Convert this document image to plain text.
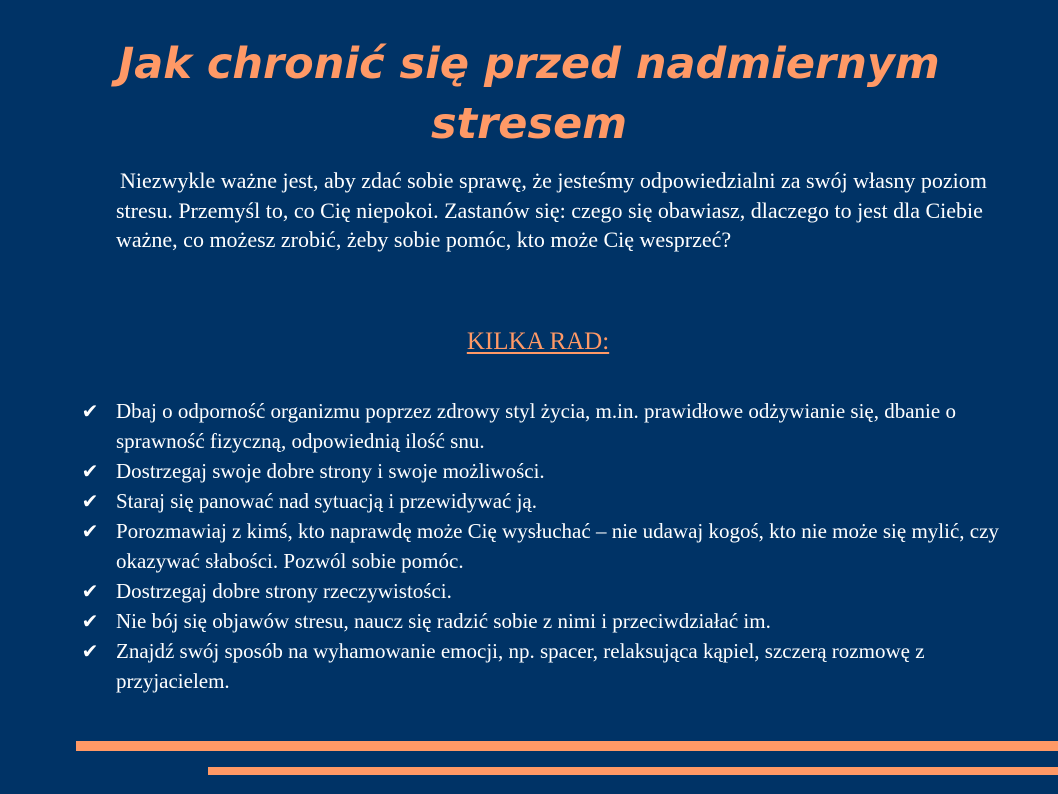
Jak chronić się przed nadmiernym stresem

Niezwykle ważne jest, aby zdać sobie sprawę, że jesteśmy odpowiedzialni za swój własny poziom stresu. Przemyśl to, co Cię niepokoi. Zastanów się: czego się obawiasz, dlaczego to jest dla Ciebie ważne, co możesz zrobić, żeby sobie pomóc, kto może Cię wesprzeć?

KILKA RAD:

✔ Dbaj o odporność organizmu poprzez zdrowy styl życia, m.in. prawidłowe odżywianie się, dbanie o sprawność fizyczną, odpowiednią ilość snu.
✔ Dostrzegaj swoje dobre strony i swoje możliwości.
✔ Staraj się panować nad sytuacją i przewidywać ją.
✔ Porozmawiaj z kimś, kto naprawdę może Cię wysłuchać – nie udawaj kogoś, kto nie może się mylić, czy okazywać słabości. Pozwól sobie pomóc.
✔ Dostrzegaj dobre strony rzeczywistości.
✔ Nie bój się objawów stresu, naucz się radzić sobie z nimi i przeciwdziałać im.
✔ Znajdź swój sposób na wyhamowanie emocji, np. spacer, relaksująca kąpiel, szczerą rozmowę z przyjacielem.
